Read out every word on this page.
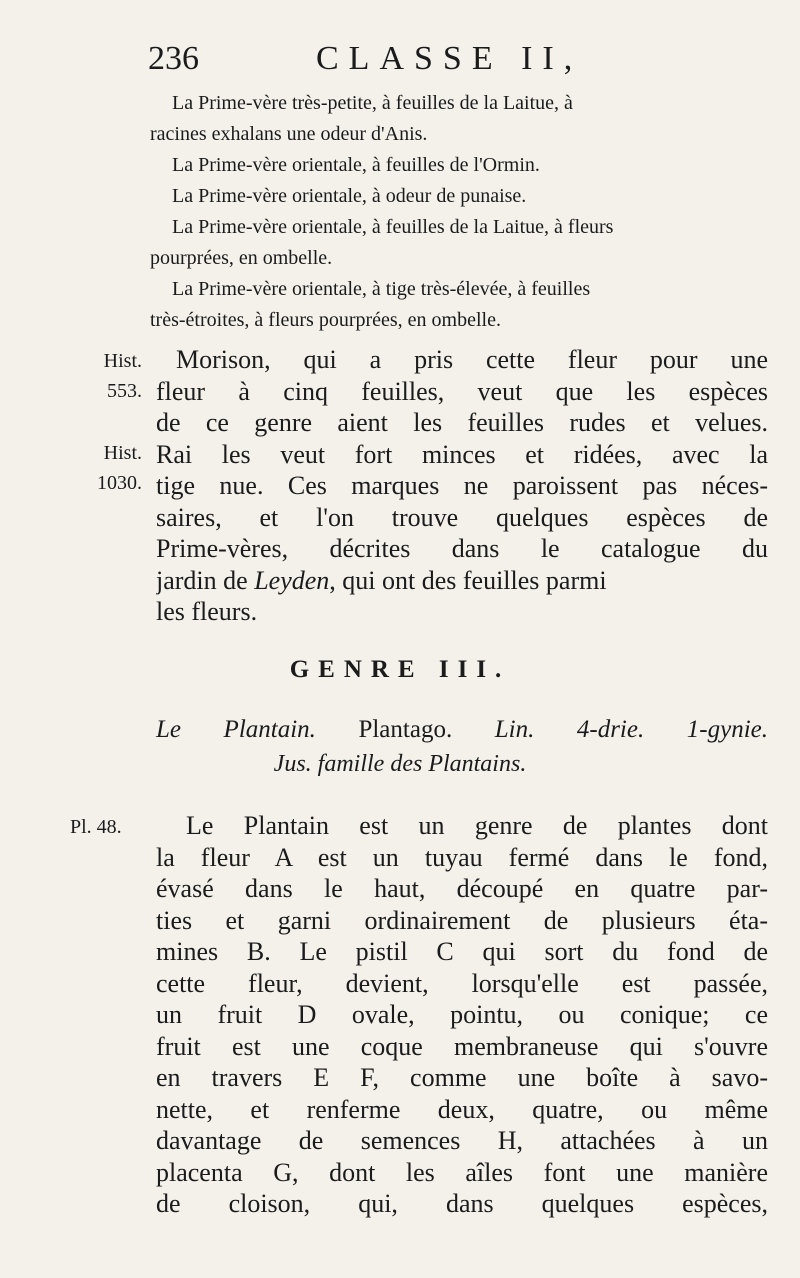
236	CLASSE II,
La Prime-vère très-petite, à feuilles de la Laitue, à
racines exhalans une odeur d'Anis.
La Prime-vère orientale, à feuilles de l'Ormin.
La Prime-vère orientale, à odeur de punaise.
La Prime-vère orientale, à feuilles de la Laitue, à fleurs
pourprées, en ombelle.
La Prime-vère orientale, à tige très-élevée, à feuilles
très-étroites, à fleurs pourprées, en ombelle.
Hist.
553.
Hist.
1030.
Pl. 48.
Morison, qui a pris cette fleur pour une
fleur à cinq feuilles, veut que les espèces
de ce genre aient les feuilles rudes et velues.
Rai les veut fort minces et ridées, avec la
tige nue. Ces marques ne paroissent pas néces-
saires, et l'on trouve quelques espèces de
Prime-vères, décrites dans le catalogue du
jardin de Leyden, qui ont des feuilles parmi
les fleurs.
GENRE III.
Le Plantain. Plantago. Lin. 4-drie. 1-gynie.
Jus. famille des Plantains.
Le Plantain est un genre de plantes dont
la fleur A est un tuyau fermé dans le fond,
évasé dans le haut, découpé en quatre par-
ties et garni ordinairement de plusieurs éta-
mines B. Le pistil C qui sort du fond de
cette fleur, devient, lorsqu'elle est passée,
un fruit D ovale, pointu, ou conique; ce
fruit est une coque membraneuse qui s'ouvre
en travers E F, comme une boîte à savo-
nette, et renferme deux, quatre, ou même
davantage de semences H, attachées à un
placenta G, dont les aîles font une manière
de cloison, qui, dans quelques espèces,
